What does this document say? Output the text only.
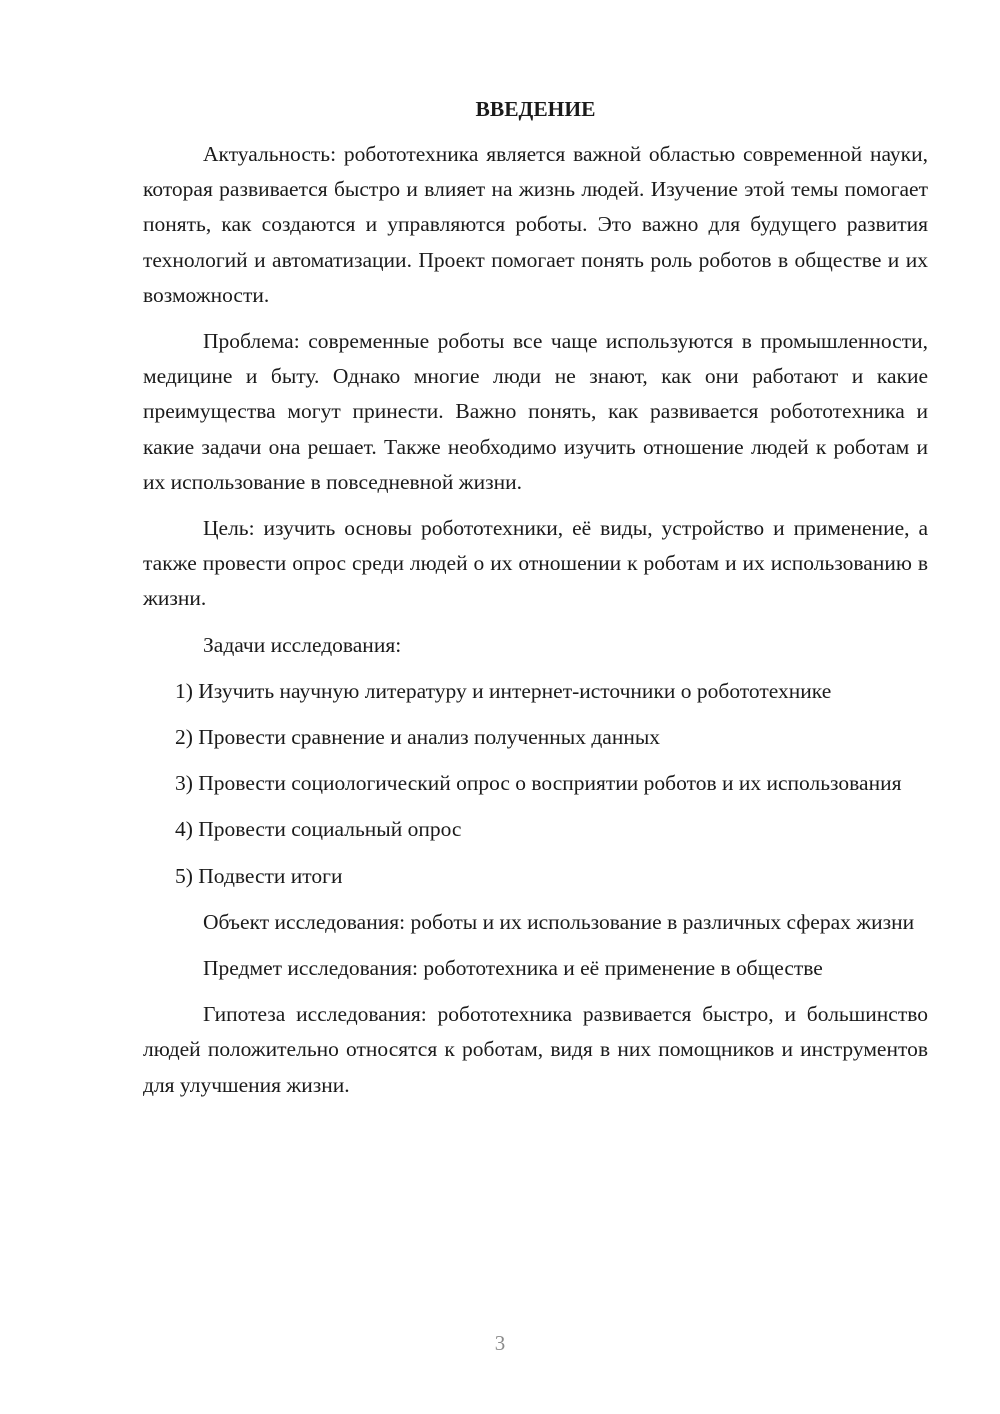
ВВЕДЕНИЕ

Актуальность: робототехника является важной областью современной науки, которая развивается быстро и влияет на жизнь людей. Изучение этой темы помогает понять, как создаются и управляются роботы. Это важно для будущего развития технологий и автоматизации. Проект помогает понять роль роботов в обществе и их возможности.

Проблема: современные роботы все чаще используются в промышленности, медицине и быту. Однако многие люди не знают, как они работают и какие преимущества могут принести. Важно понять, как развивается робототехника и какие задачи она решает. Также необходимо изучить отношение людей к роботам и их использование в повседневной жизни.

Цель: изучить основы робототехники, её виды, устройство и применение, а также провести опрос среди людей о их отношении к роботам и их использованию в жизни.

Задачи исследования:

1) Изучить научную литературу и интернет-источники о робототехнике

2) Провести сравнение и анализ полученных данных

3) Провести социологический опрос о восприятии роботов и их использования

4) Провести социальный опрос

5) Подвести итоги

Объект исследования: роботы и их использование в различных сферах жизни

Предмет исследования: робототехника и её применение в обществе

Гипотеза исследования: робототехника развивается быстро, и большинство людей положительно относятся к роботам, видя в них помощников и инструментов для улучшения жизни.

3
